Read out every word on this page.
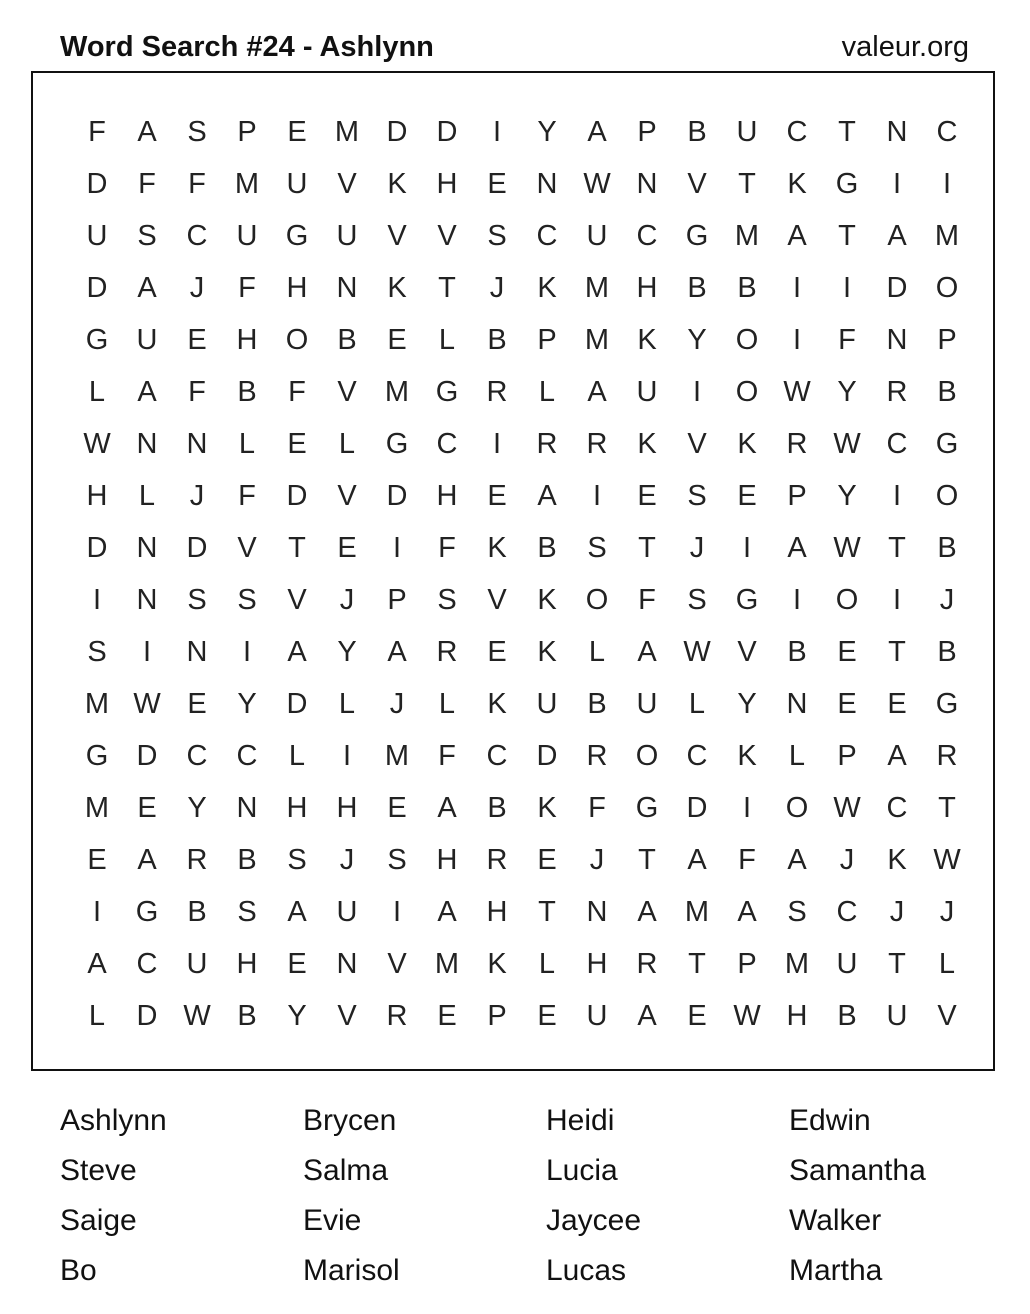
Word Search #24 - Ashlynn	valeur.org
F	A	S	P	E M D	D	I	Y	A	P	B	U	C	T	N	C
D	F	F	M U	V	K	H	E	N W N	V	T	K	G	I	I
U	S	C	U G U	V	V	S	C	U	C G M A	T	A M
D	A	J	F	H	N	K	T	J	K M H	B	B	I	I	D O
G U	E	H O	B	E	L	B	P M K	Y	O	I	F	N	P
L	A	F	B	F	V M G R	L	A	U	I	O W Y	R	B
W N	N	L	E	L	G C	I	R	R	K	V	K	R W C G
H	L	J	F	D	V	D	H	E	A	I	E	S	E	P	Y	I	O
D	N	D	V	T	E	I	F	K	B	S	T	J	I	A W T	B
I	N	S	S	V	J	P	S	V	K	O	F	S	G	I	O	I	J
S	I	N	I	A	Y	A	R	E	K	L	A W V	B	E	T	B
M W E	Y	D	L	J	L	K	U	B	U	L	Y	N	E	E	G
G D	C	C	L	I	M	F	C	D	R O C	K	L	P	A	R
M E	Y	N	H	H	E	A	B	K	F	G D	I	O W C	T
E	A	R	B	S	J	S	H	R	E	J	T	A	F	A	J	K W
I	G	B	S	A	U	I	A	H	T	N	A M A	S	C	J	J
A	C	U	H	E	N	V M K	L	H	R	T	P M U	T	L
L	D W B	Y	V	R	E	P	E	U	A	E W H	B	U	V
Ashlynn	Brycen	Heidi	Edwin
Steve	Salma	Lucia	Samantha
Saige	Evie	Jaycee	Walker
Bo	Marisol	Lucas	Martha
